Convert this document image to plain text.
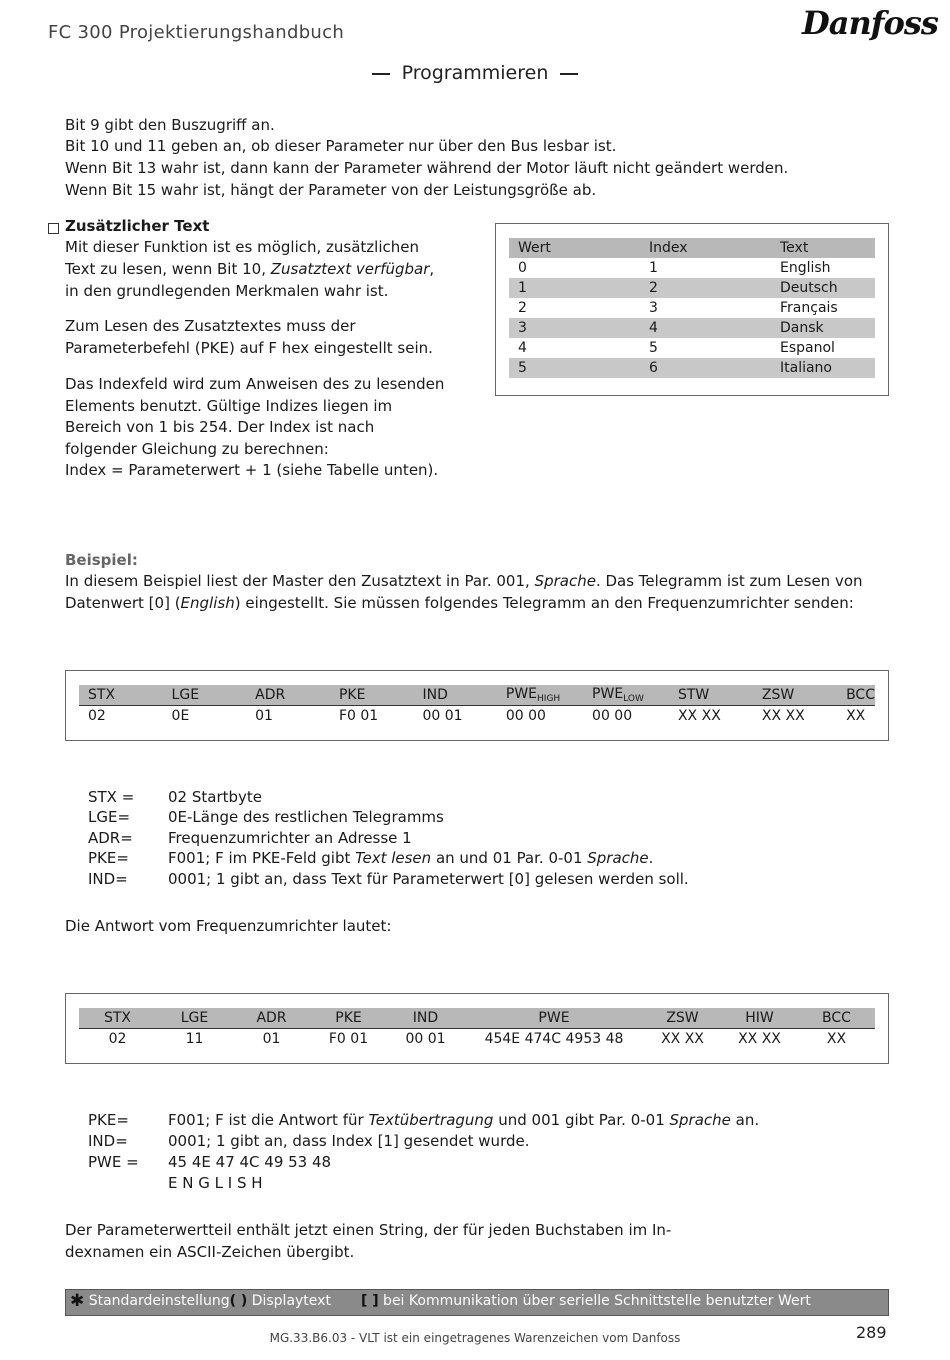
FC 300 Projektierungshandbuch	Danfoss
Programmieren
Bit 9 gibt den Buszugriff an.
Bit 10 und 11 geben an, ob dieser Parameter nur über den Bus lesbar ist.
Wenn Bit 13 wahr ist, dann kann der Parameter während der Motor läuft nicht geändert werden.
Wenn Bit 15 wahr ist, hängt der Parameter von der Leistungsgröße ab.
Zusätzlicher Text
Mit dieser Funktion ist es möglich, zusätzlichen
Text zu lesen, wenn Bit 10, Zusatztext verfügbar,
in den grundlegenden Merkmalen wahr ist.
Zum Lesen des Zusatztextes muss der
Parameterbefehl (PKE) auf F hex eingestellt sein.
Das Indexfeld wird zum Anweisen des zu lesenden
Elements benutzt. Gültige Indizes liegen im
Bereich von 1 bis 254. Der Index ist nach
folgender Gleichung zu berechnen:
Index = Parameterwert + 1 (siehe Tabelle unten).
Wert	Index	Text
0	1	English
1	2	Deutsch
2	3	Français
3	4	Dansk
4	5	Espanol
5	6	Italiano
Beispiel:
In diesem Beispiel liest der Master den Zusatztext in Par. 001, Sprache. Das Telegramm ist zum Lesen von
Datenwert [0] (English) eingestellt. Sie müssen folgendes Telegramm an den Frequenzumrichter senden:
STX	LGE	ADR	PKE	IND	$PWE_{HIGH}$	$PWE_{LOW}$	STW	ZSW	BCC
02	0E	01	F0 01	00 01	00 00	00 00	XX XX	XX XX	XX
STX = 02 Startbyte
LGE=	0E-Länge des restlichen Telegramms
ADR= Frequenzumrichter an Adresse 1
PKE=	F001; F im PKE-Feld gibt Text lesen an und 01 Par. 0-01 Sprache.
IND=	0001; 1 gibt an, dass Text für Parameterwert [0] gelesen werden soll.
Die Antwort vom Frequenzumrichter lautet:
STX	LGE	ADR	PKE	IND	PWE	ZSW	HIW	BCC
02	11	01	F0 01	00 01	454E 474C 4953 48	XX XX	XX XX	XX
PKE=	F001; F ist die Antwort für Textübertragung und 001 gibt Par. 0-01 Sprache an.
IND=	0001; 1 gibt an, dass Index [1] gesendet wurde.
PWE = 45 4E 47 4C 49 53 48
E N G L I S H
Der Parameterwertteil enthält jetzt einen String, der für jeden Buchstaben im In-
dexnamen ein ASCII-Zeichen übergibt.
✱ Standardeinstellung( ) Displaytext [ ] bei Kommunikation über serielle Schnittstelle benutzter Wert
MG.33.B6.03 - VLT ist ein eingetragenes Warenzeichen vom Danfoss	289
